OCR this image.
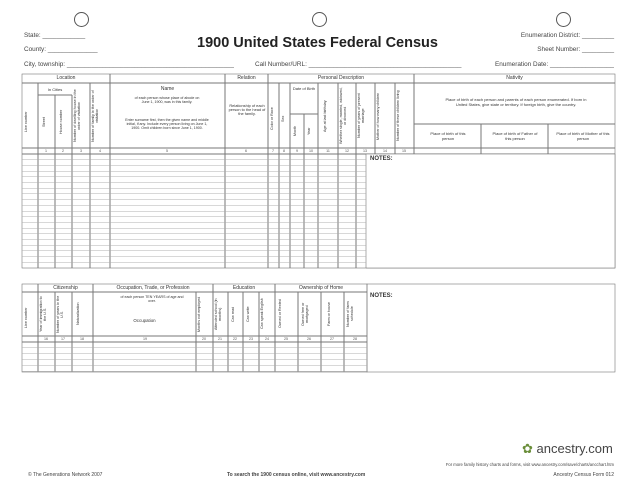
State: ____________
County: ______________
City, township: _______________________________________________
1900 United States Federal Census
Call Number/URL: ___________________________________________
Enumeration District: _________
Sheet Number: _________
Enumeration Date: __________________
Location
In Cities
Line number	Street	House number	Number of dwelling house in the order of visitation	Number of family in the order of visitation
Name
of each person whose place of abode on June 1, 1900, was in this family.
Enter surname first, then the given name and middle initial, if any. Include every person living on June 1, 1900. Omit children born since June 1, 1900.
Relation
Relationship of each person to the head of the family.
Personal Description
Color or Race	Sex
Date of Birth
Month	Year	Age at last birthday	Whether single, married, widowed, or divorced	Number of years of present marriage	Mother of how many children	Number of these children living
Nativity
Place of birth of each person and parents of each person enumerated. If born in United States, give state or territory. If foreign birth, give the country.
Place of birth of this person
Place of birth of Father of this person
Place of birth of Mother of this person
1	2	3	4	5	6	7	8	9	10	11	12	13	14	15
NOTES:
Line number
Citizenship
Year of immigration to the U.S.	Number of years in the U.S.	Naturalization
Occupation, Trade, or Profession
of each person TEN YEARS of age and over.
Occupation	Months not employed
Education
Attended school (in months)	Can read	Can write	Can speak English
Ownership of Home
Owned or Rented	Owned free or mortgaged	Farm or house	Number of farm schedule
16	17	18	19	20	21	22	23	24	25	26	27	28
NOTES:
✿ ancestry.com
For more family history charts and forms, visit www.ancestry.com/save/charts/ancchart.htm
© The Generations Network 2007	To search the 1900 census online, visit www.ancestry.com	Ancestry Census Form 012
